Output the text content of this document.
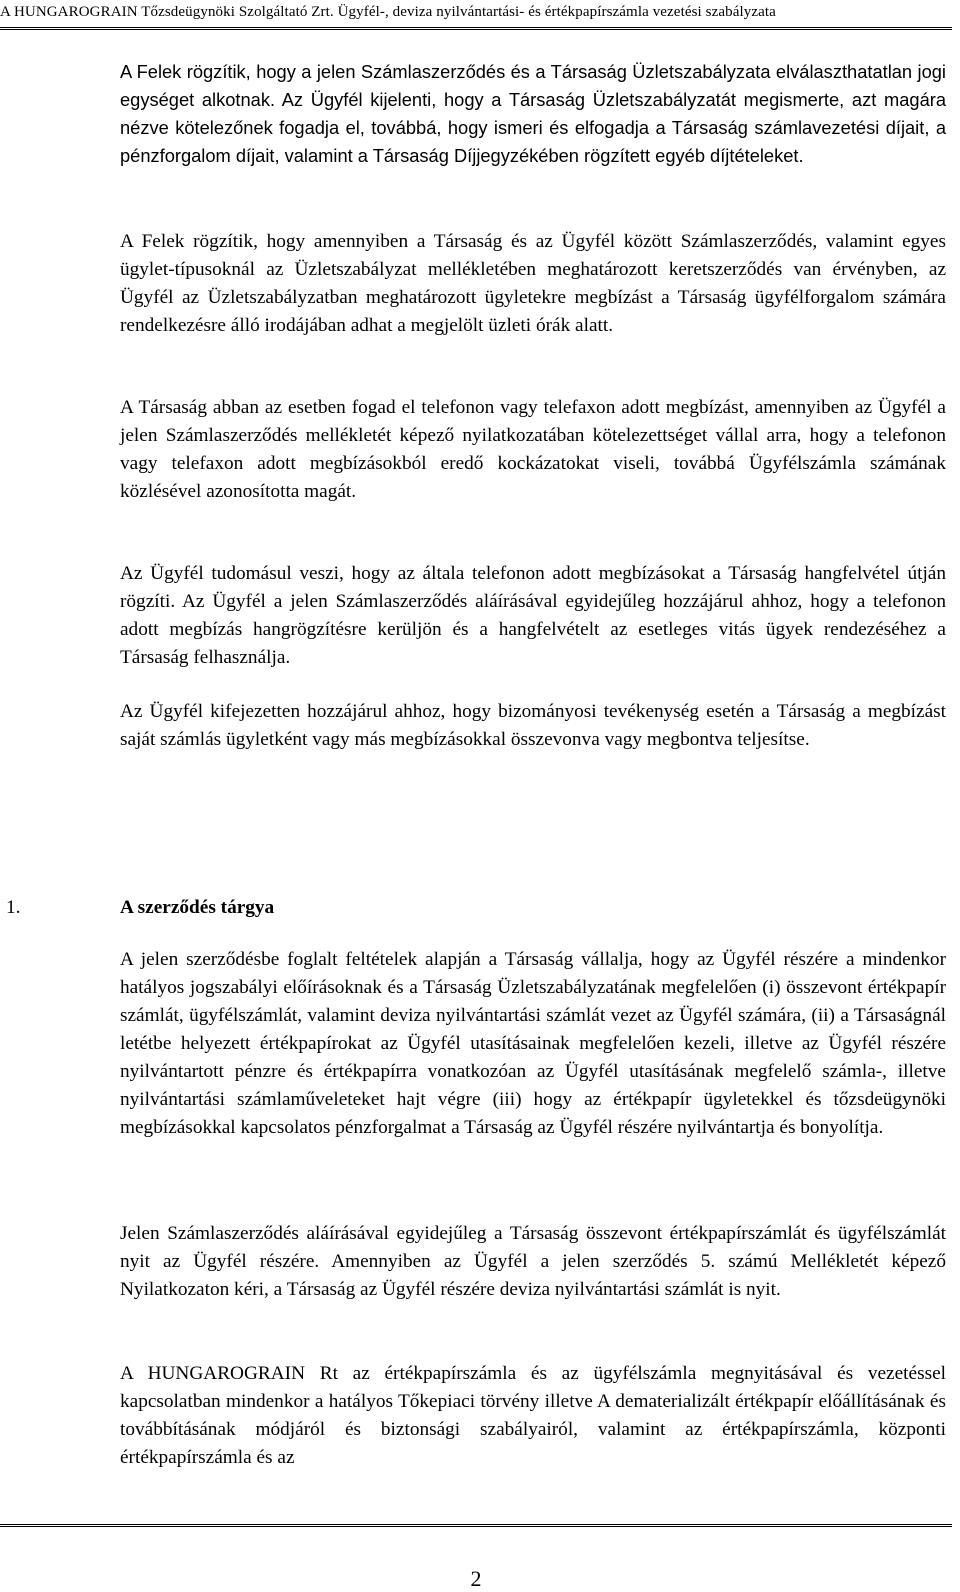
A HUNGAROGRAIN Tőzsdeügynöki Szolgáltató Zrt. Ügyfél-, deviza nyilvántartási- és értékpapírszámla vezetési szabályzata

A Felek rögzítik, hogy a jelen Számlaszerződés és a Társaság Üzletszabályzata elválaszthatatlan jogi egységet alkotnak. Az Ügyfél kijelenti, hogy a Társaság Üzletszabályzatát megismerte, azt magára nézve kötelezőnek fogadja el, továbbá, hogy ismeri és elfogadja a Társaság számlavezetési díjait, a pénzforgalom díjait, valamint a Társaság Díjjegyzékében rögzített egyéb díjtételeket.

A Felek rögzítik, hogy amennyiben a Társaság és az Ügyfél között Számlaszerződés, valamint egyes ügylet-típusoknál az Üzletszabályzat mellékletében meghatározott keretszerződés van érvényben, az Ügyfél az Üzletszabályzatban meghatározott ügyletekre megbízást a Társaság ügyfélforgalom számára rendelkezésre álló irodájában adhat a megjelölt üzleti órák alatt.

A Társaság abban az esetben fogad el telefonon vagy telefaxon adott megbízást, amennyiben az Ügyfél a jelen Számlaszerződés mellékletét képező nyilatkozatában kötelezettséget vállal arra, hogy a telefonon vagy telefaxon adott megbízásokból eredő kockázatokat viseli, továbbá Ügyfélszámla számának közlésével azonosította magát.

Az Ügyfél tudomásul veszi, hogy az általa telefonon adott megbízásokat a Társaság hangfelvétel útján rögzíti. Az Ügyfél a jelen Számlaszerződés aláírásával egyidejűleg hozzájárul ahhoz, hogy a telefonon adott megbízás hangrögzítésre kerüljön és a hangfelvételt az esetleges vitás ügyek rendezéséhez a Társaság felhasználja.

Az Ügyfél kifejezetten hozzájárul ahhoz, hogy bizományosi tevékenység esetén a Társaság a megbízást saját számlás ügyletként vagy más megbízásokkal összevonva vagy megbontva teljesítse.

1.	A szerződés tárgya

A jelen szerződésbe foglalt feltételek alapján a Társaság vállalja, hogy az Ügyfél részére a mindenkor hatályos jogszabályi előírásoknak és a Társaság Üzletszabályzatának megfelelően (i) összevont értékpapír számlát, ügyfélszámlát, valamint deviza nyilvántartási számlát vezet az Ügyfél számára, (ii) a Társaságnál letétbe helyezett értékpapírokat az Ügyfél utasításainak megfelelően kezeli, illetve az Ügyfél részére nyilvántartott pénzre és értékpapírra vonatkozóan az Ügyfél utasításának megfelelő számla-, illetve nyilvántartási számlaműveleteket hajt végre (iii) hogy az értékpapír ügyletekkel és tőzsdeügynöki megbízásokkal kapcsolatos pénzforgalmat a Társaság az Ügyfél részére nyilvántartja és bonyolítja.

Jelen Számlaszerződés aláírásával egyidejűleg a Társaság összevont értékpapírszámlát és ügyfélszámlát nyit az Ügyfél részére. Amennyiben az Ügyfél a jelen szerződés 5. számú Mellékletét képező Nyilatkozaton kéri, a Társaság az Ügyfél részére deviza nyilvántartási számlát is nyit.

A HUNGAROGRAIN Rt az értékpapírszámla és az ügyfélszámla megnyitásával és vezetéssel kapcsolatban mindenkor a hatályos Tőkepiaci törvény illetve A dematerializált értékpapír előállításának és továbbításának módjáról és biztonsági szabályairól, valamint az értékpapírszámla, központi értékpapírszámla és az

2
